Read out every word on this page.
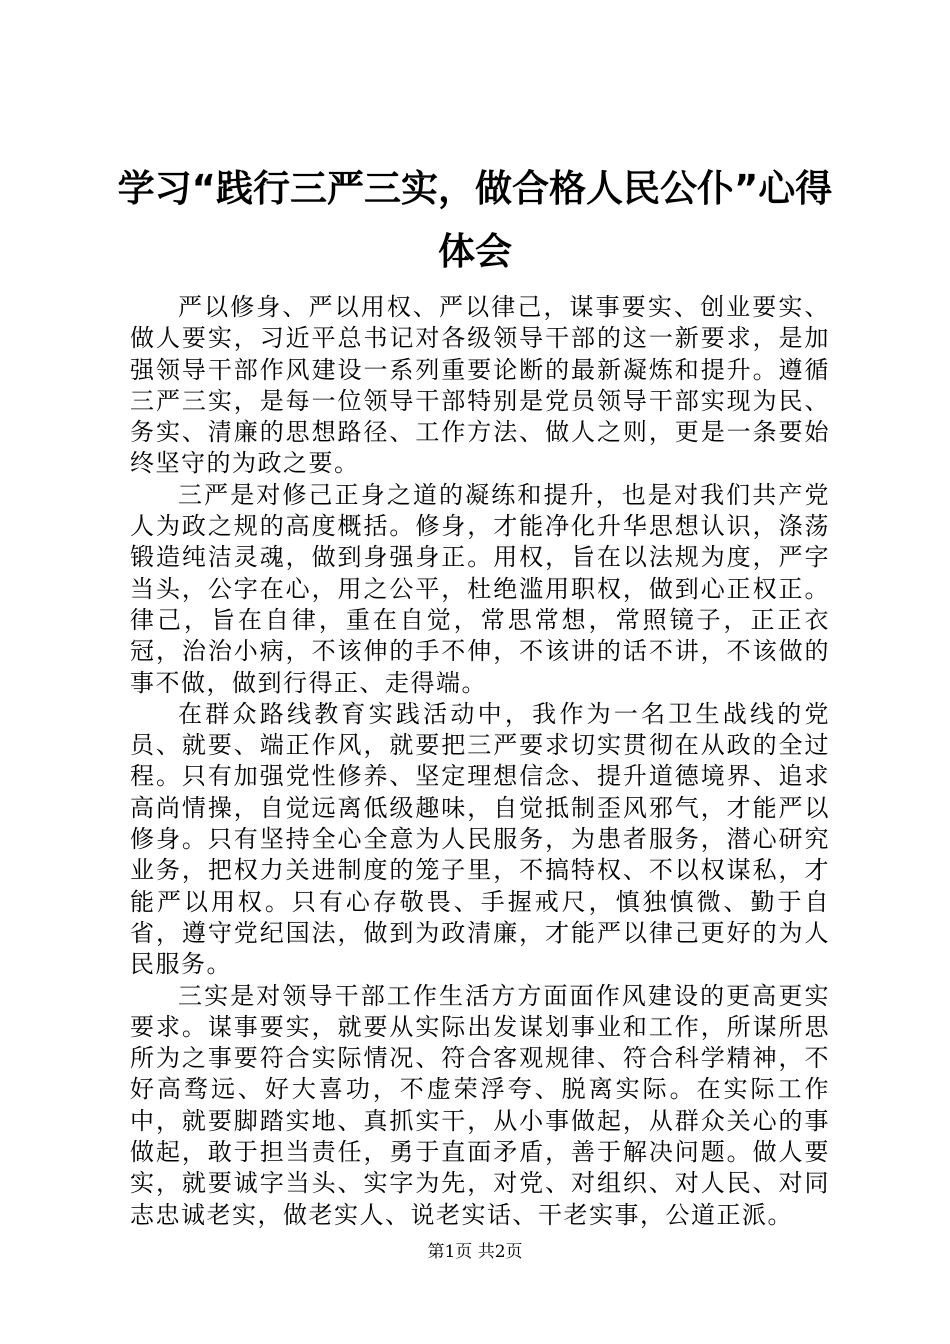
学习“践行三严三实，做合格人民公仆”心得体会

严以修身、严以用权、严以律己，谋事要实、创业要实、做人要实，习近平总书记对各级领导干部的这一新要求，是加强领导干部作风建设一系列重要论断的最新凝炼和提升。遵循三严三实，是每一位领导干部特别是党员领导干部实现为民、务实、清廉的思想路径、工作方法、做人之则，更是一条要始终坚守的为政之要。

三严是对修己正身之道的凝练和提升，也是对我们共产党人为政之规的高度概括。修身，才能净化升华思想认识，涤荡锻造纯洁灵魂，做到身强身正。用权，旨在以法规为度，严字当头，公字在心，用之公平，杜绝滥用职权，做到心正权正。律己，旨在自律，重在自觉，常思常想，常照镜子，正正衣冠，治治小病，不该伸的手不伸，不该讲的话不讲，不该做的事不做，做到行得正、走得端。

在群众路线教育实践活动中，我作为一名卫生战线的党员、就要、端正作风，就要把三严要求切实贯彻在从政的全过程。只有加强党性修养、坚定理想信念、提升道德境界、追求高尚情操，自觉远离低级趣味，自觉抵制歪风邪气，才能严以修身。只有坚持全心全意为人民服务，为患者服务，潜心研究业务，把权力关进制度的笼子里，不搞特权、不以权谋私，才能严以用权。只有心存敬畏、手握戒尺，慎独慎微、勤于自省，遵守党纪国法，做到为政清廉，才能严以律己更好的为人民服务。

三实是对领导干部工作生活方方面面作风建设的更高更实要求。谋事要实，就要从实际出发谋划事业和工作，所谋所思所为之事要符合实际情况、符合客观规律、符合科学精神，不好高骛远、好大喜功，不虚荣浮夸、脱离实际。在实际工作中，就要脚踏实地、真抓实干，从小事做起，从群众关心的事做起，敢于担当责任，勇于直面矛盾，善于解决问题。做人要实，就要诚字当头、实字为先，对党、对组织、对人民、对同志忠诚老实，做老实人、说老实话、干老实事，公道正派。

第1页 共2页
